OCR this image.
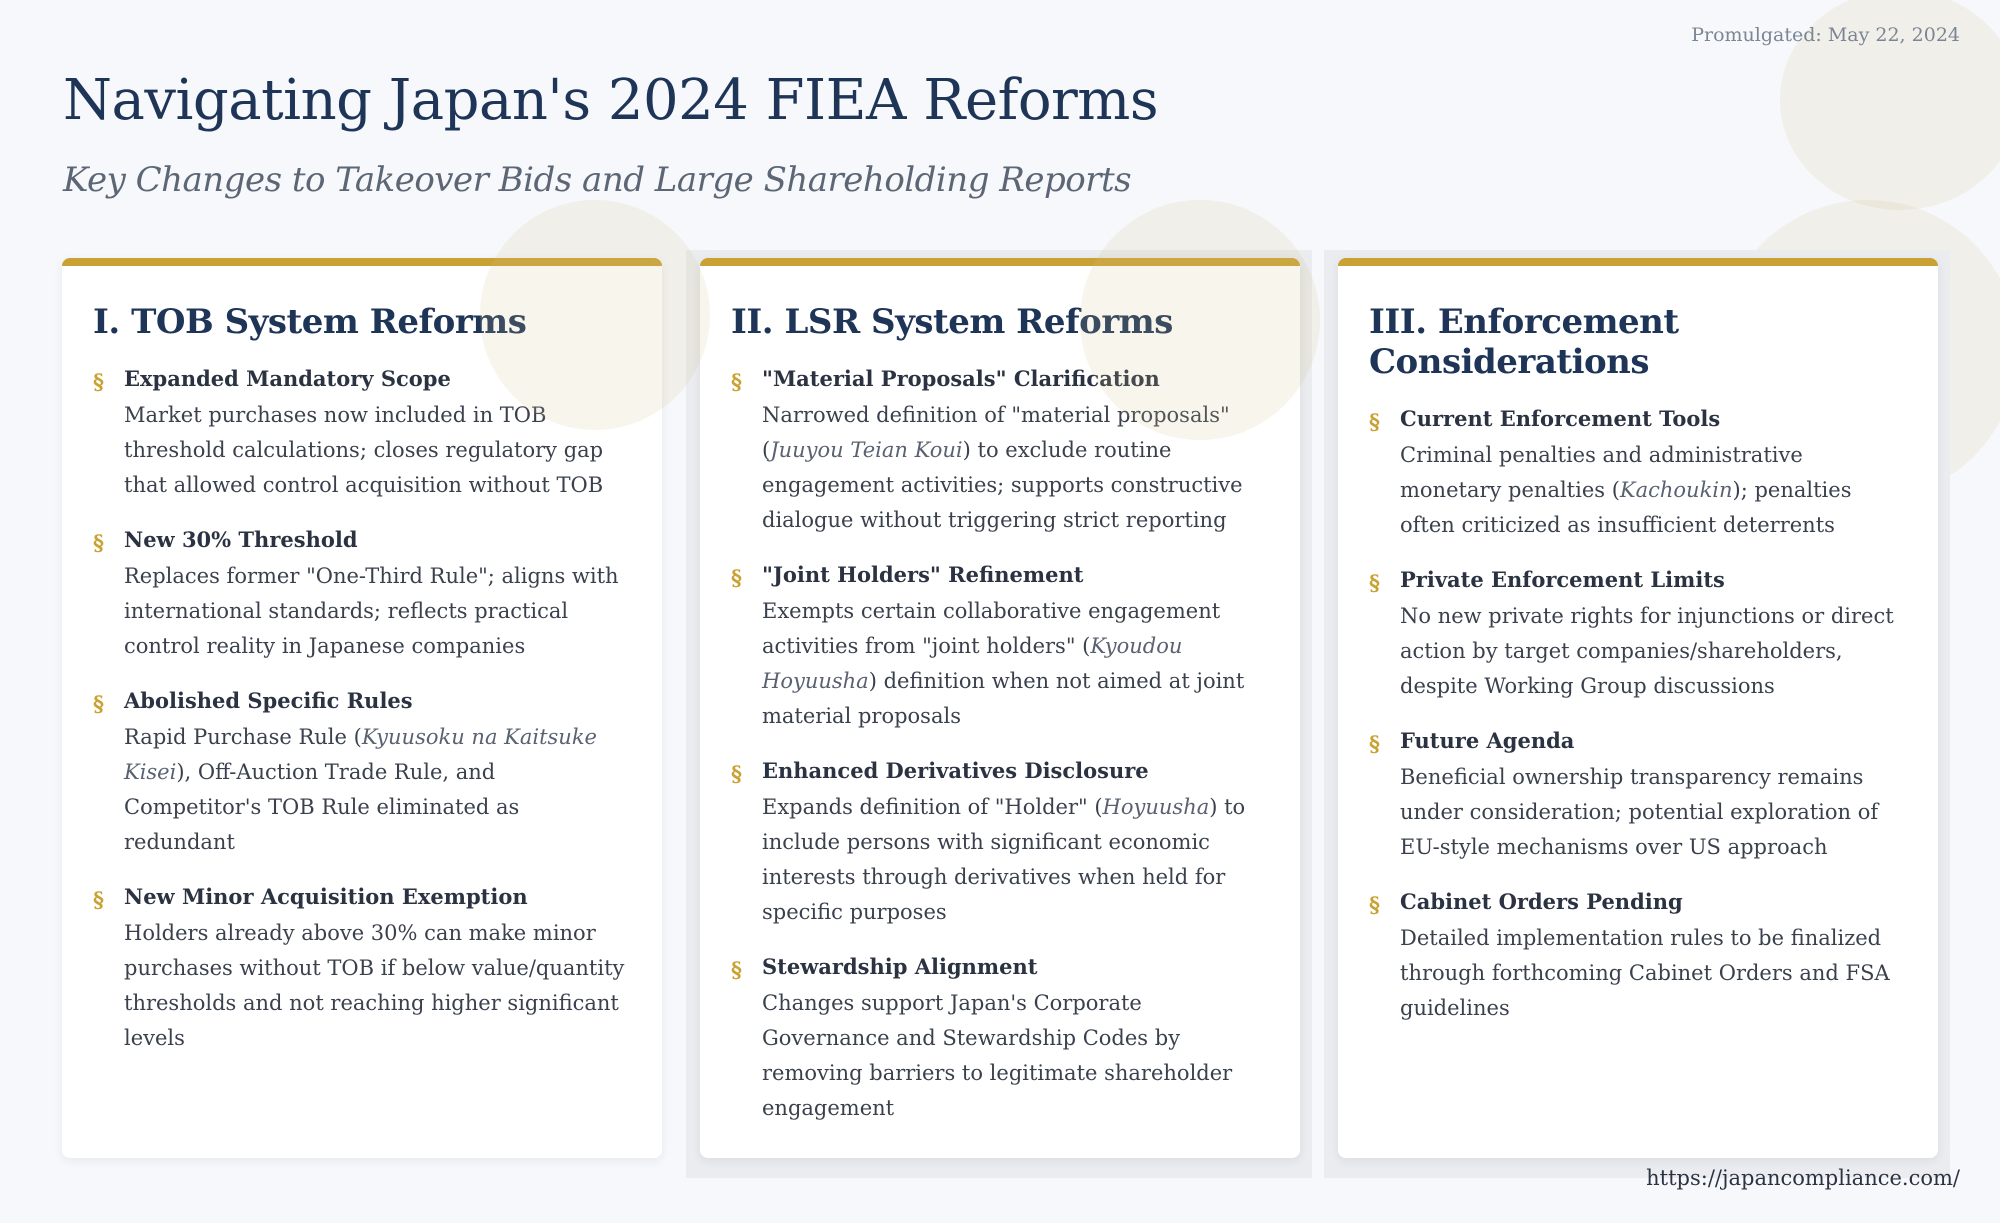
Promulgated: May 22, 2024
Navigating Japan's 2024 FIEA Reforms
Key Changes to Takeover Bids and Large Shareholding Reports
I. TOB System Reforms
§ Expanded Mandatory Scope
Market purchases now included in TOB threshold calculations; closes regulatory gap that allowed control acquisition without TOB
§ New 30% Threshold
Replaces former "One-Third Rule"; aligns with international standards; reflects practical control reality in Japanese companies
§ Abolished Specific Rules
Rapid Purchase Rule (Kyuusoku na Kaitsuke Kisei), Off-Auction Trade Rule, and Competitor's TOB Rule eliminated as redundant
§ New Minor Acquisition Exemption
Holders already above 30% can make minor purchases without TOB if below value/quantity thresholds and not reaching higher significant levels
II. LSR System Reforms
§ "Material Proposals" Clarification
Narrowed definition of "material proposals" (Juuyou Teian Koui) to exclude routine engagement activities; supports constructive dialogue without triggering strict reporting
§ "Joint Holders" Refinement
Exempts certain collaborative engagement activities from "joint holders" (Kyoudou Hoyuusha) definition when not aimed at joint material proposals
§ Enhanced Derivatives Disclosure
Expands definition of "Holder" (Hoyuusha) to include persons with significant economic interests through derivatives when held for specific purposes
§ Stewardship Alignment
Changes support Japan's Corporate Governance and Stewardship Codes by removing barriers to legitimate shareholder engagement
III. Enforcement Considerations
§ Current Enforcement Tools
Criminal penalties and administrative monetary penalties (Kachoukin); penalties often criticized as insufficient deterrents
§ Private Enforcement Limits
No new private rights for injunctions or direct action by target companies/shareholders, despite Working Group discussions
§ Future Agenda
Beneficial ownership transparency remains under consideration; potential exploration of EU-style mechanisms over US approach
§ Cabinet Orders Pending
Detailed implementation rules to be finalized through forthcoming Cabinet Orders and FSA guidelines
https://japancompliance.com/
